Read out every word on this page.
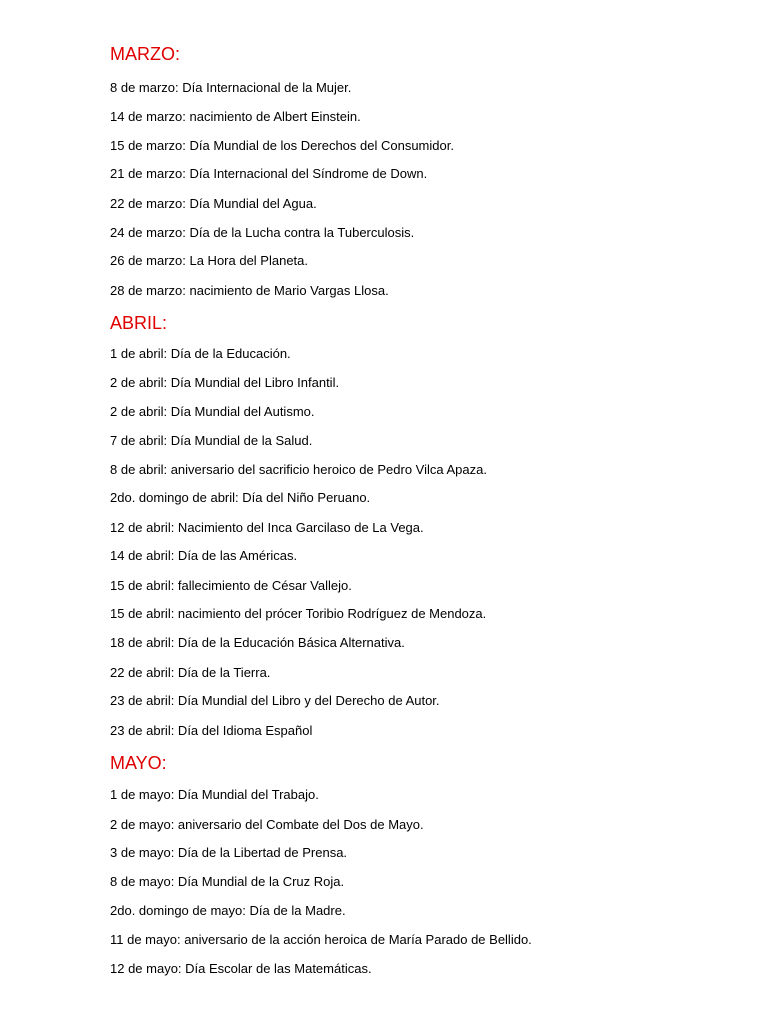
MARZO:
8 de marzo: Día Internacional de la Mujer.
14 de marzo: nacimiento de Albert Einstein.
15 de marzo: Día Mundial de los Derechos del Consumidor.
21 de marzo: Día Internacional del Síndrome de Down.
22 de marzo: Día Mundial del Agua.
24 de marzo: Día de la Lucha contra la Tuberculosis.
26 de marzo: La Hora del Planeta.
28 de marzo: nacimiento de Mario Vargas Llosa.
ABRIL:
1 de abril: Día de la Educación.
2 de abril: Día Mundial del Libro Infantil.
2 de abril: Día Mundial del Autismo.
7 de abril: Día Mundial de la Salud.
8 de abril: aniversario del sacrificio heroico de Pedro Vilca Apaza.
2do. domingo de abril: Día del Niño Peruano.
12 de abril: Nacimiento del Inca Garcilaso de La Vega.
14 de abril: Día de las Américas.
15 de abril: fallecimiento de César Vallejo.
15 de abril: nacimiento del prócer Toribio Rodríguez de Mendoza.
18 de abril: Día de la Educación Básica Alternativa.
22 de abril: Día de la Tierra.
23 de abril: Día Mundial del Libro y del Derecho de Autor.
23 de abril: Día del Idioma Español
MAYO:
1 de mayo: Día Mundial del Trabajo.
2 de mayo: aniversario del Combate del Dos de Mayo.
3 de mayo: Día de la Libertad de Prensa.
8 de mayo: Día Mundial de la Cruz Roja.
2do. domingo de mayo: Día de la Madre.
11 de mayo: aniversario de la acción heroica de María Parado de Bellido.
12 de mayo: Día Escolar de las Matemáticas.
